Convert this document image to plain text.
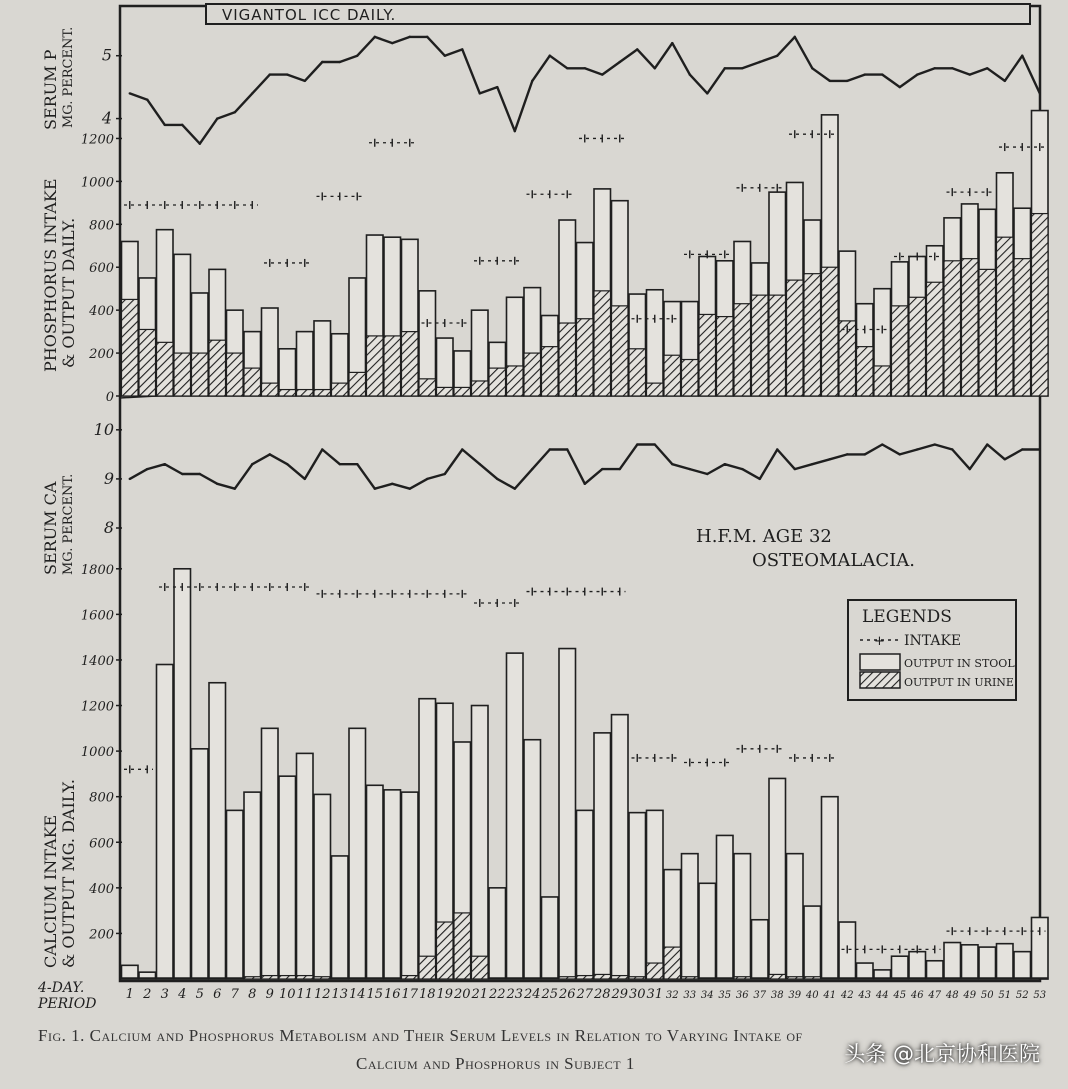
VIGANTOL ICC DAILY.
SERUM P MG. PERCENT.
PHOSPHORUS INTAKE & OUTPUT DAILY.
SERUM CA MG. PERCENT.
CALCIUM INTAKE & OUTPUT MG. DAILY.
H.F.M. AGE 32
OSTEOMALACIA.
LEGENDS
+ INTAKE
OUTPUT IN STOOL
OUTPUT IN URINE
4-DAY.
PERIOD
4
5
0
200
400
600
800
1000
1200
8
9
10
200
400
600
800
1000
1200
1400
1600
1800
1 2 3 4 5 6 7 8 9 10 11 12 13 14 15 16 17 18 19 20 21 22 23 24 25 26 27 28 29 30 31 32 33 34 35 36 37 38 39 40 41 42 43 44 45 46 47 48 49 50 51 52 53
Fig. 1. Calcium and Phosphorus Metabolism and Their Serum Levels in Relation to Varying Intake of
Calcium and Phosphorus in Subject 1	头条 @北京协和医院
